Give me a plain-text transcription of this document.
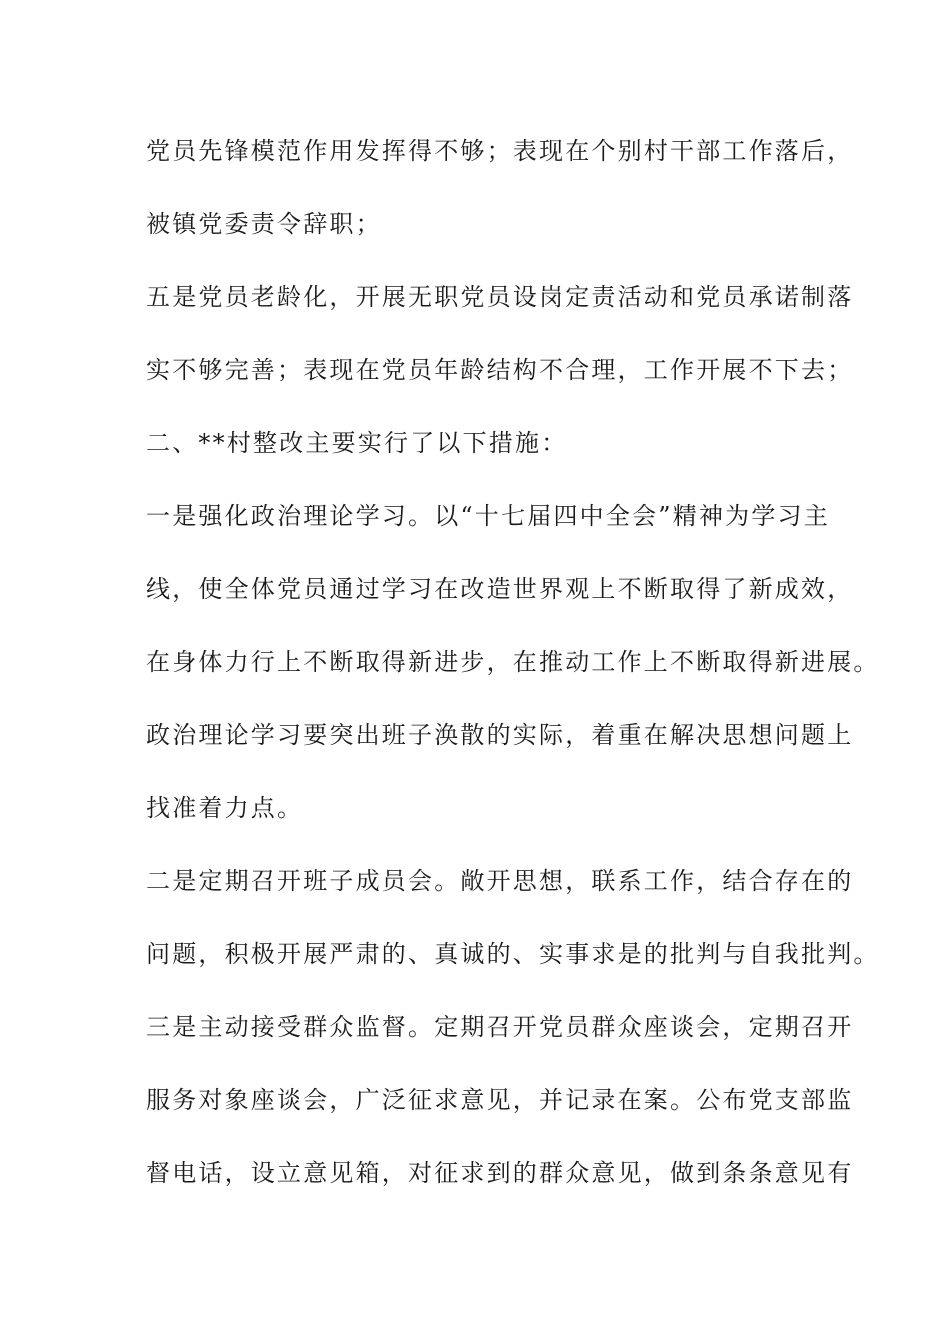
党员先锋模范作用发挥得不够；表现在个别村干部工作落后，
被镇党委责令辞职；
五是党员老龄化，开展无职党员设岗定责活动和党员承诺制落
实不够完善；表现在党员年龄结构不合理，工作开展不下去；
二、**村整改主要实行了以下措施：
一是强化政治理论学习。以“十七届四中全会”精神为学习主
线，使全体党员通过学习在改造世界观上不断取得了新成效，
在身体力行上不断取得新进步，在推动工作上不断取得新进展。
政治理论学习要突出班子涣散的实际，着重在解决思想问题上
找准着力点。
二是定期召开班子成员会。敞开思想，联系工作，结合存在的
问题，积极开展严肃的、真诚的、实事求是的批判与自我批判。
三是主动接受群众监督。定期召开党员群众座谈会，定期召开
服务对象座谈会，广泛征求意见，并记录在案。公布党支部监
督电话，设立意见箱，对征求到的群众意见，做到条条意见有
